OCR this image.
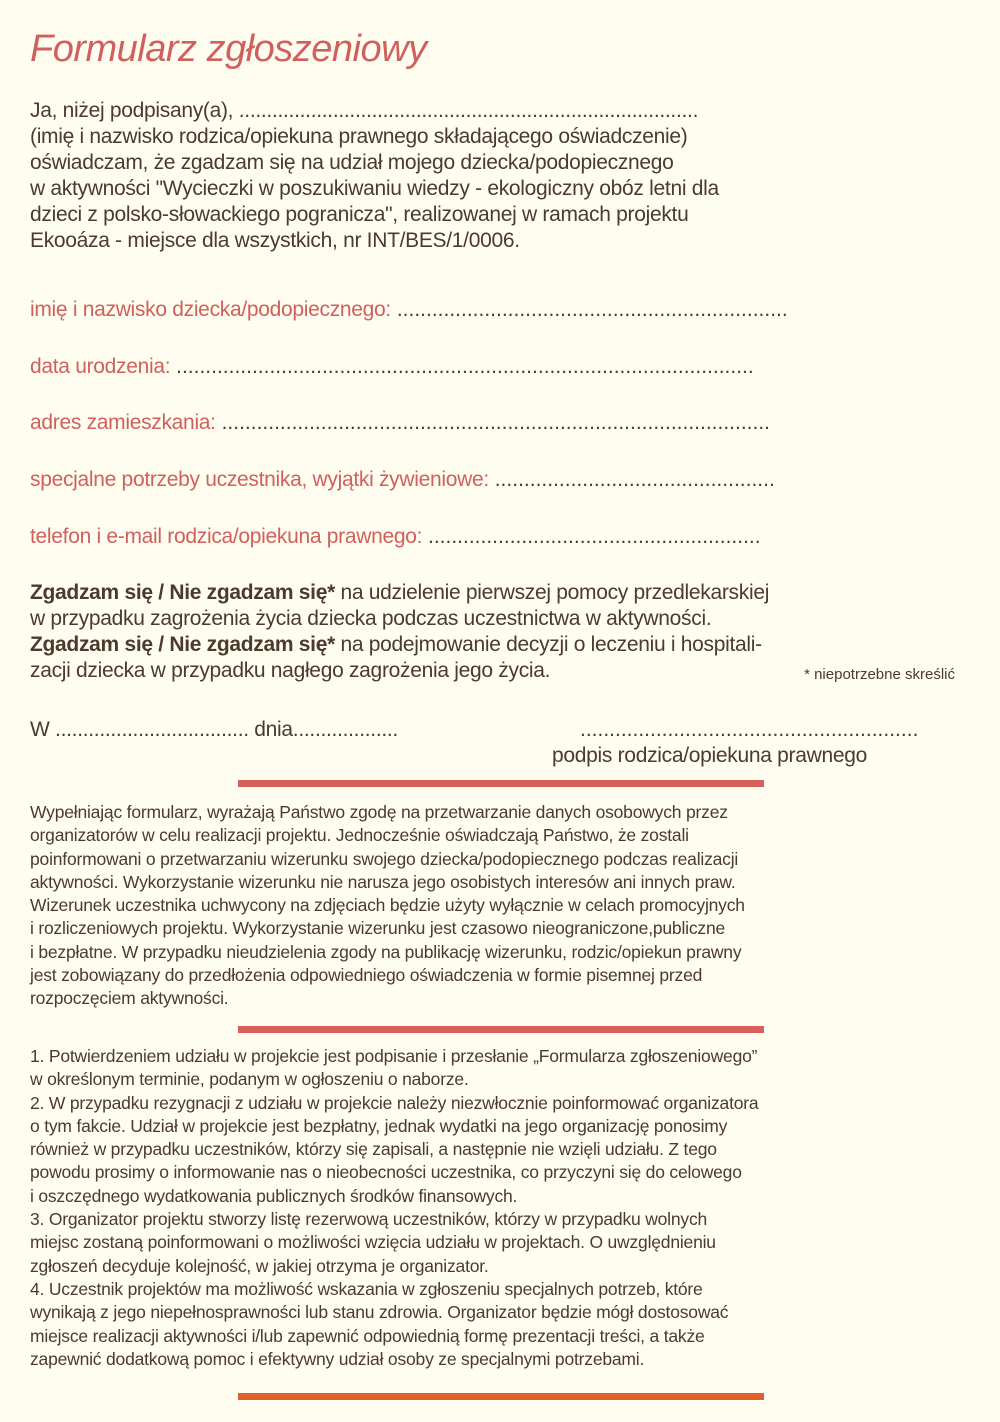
Formularz zgłoszeniowy
Ja, niżej podpisany(a), ...................................................................................
(imię i nazwisko rodzica/opiekuna prawnego składającego oświadczenie)
oświadczam, że zgadzam się na udział mojego dziecka/podopiecznego
w aktywności "Wycieczki w poszukiwaniu wiedzy - ekologiczny obóz letni dla
dzieci z polsko-słowackiego pogranicza", realizowanej w ramach projektu
Ekooáza - miejsce dla wszystkich, nr INT/BES/1/0006.
imię i nazwisko dziecka/podopiecznego: ...................................................................
data urodzenia: ...................................................................................................
adres zamieszkania: ..............................................................................................
specjalne potrzeby uczestnika, wyjątki żywieniowe: ................................................
telefon i e-mail rodzica/opiekuna prawnego: .........................................................
Zgadzam się / Nie zgadzam się* na udzielenie pierwszej pomocy przedlekarskiej
w przypadku zagrożenia życia dziecka podczas uczestnictwa w aktywności.
Zgadzam się / Nie zgadzam się* na podejmowanie decyzji o leczeniu i hospitali-
zacji dziecka w przypadku nagłego zagrożenia jego życia.	* niepotrzebne skreślić
W ................................... dnia...................	..........................................................
podpis rodzica/opiekuna prawnego
Wypełniając formularz, wyrażają Państwo zgodę na przetwarzanie danych osobowych przez
organizatorów w celu realizacji projektu. Jednocześnie oświadczają Państwo, że zostali
poinformowani o przetwarzaniu wizerunku swojego dziecka/podopiecznego podczas realizacji
aktywności. Wykorzystanie wizerunku nie narusza jego osobistych interesów ani innych praw.
Wizerunek uczestnika uchwycony na zdjęciach będzie użyty wyłącznie w celach promocyjnych
i rozliczeniowych projektu. Wykorzystanie wizerunku jest czasowo nieograniczone,publiczne
i bezpłatne. W przypadku nieudzielenia zgody na publikację wizerunku, rodzic/opiekun prawny
jest zobowiązany do przedłożenia odpowiedniego oświadczenia w formie pisemnej przed
rozpoczęciem aktywności.
1. Potwierdzeniem udziału w projekcie jest podpisanie i przesłanie „Formularza zgłoszeniowego”
w określonym terminie, podanym w ogłoszeniu o naborze.
2. W przypadku rezygnacji z udziału w projekcie należy niezwłocznie poinformować organizatora
o tym fakcie. Udział w projekcie jest bezpłatny, jednak wydatki na jego organizację ponosimy
również w przypadku uczestników, którzy się zapisali, a następnie nie wzięli udziału. Z tego
powodu prosimy o informowanie nas o nieobecności uczestnika, co przyczyni się do celowego
i oszczędnego wydatkowania publicznych środków finansowych.
3. Organizator projektu stworzy listę rezerwową uczestników, którzy w przypadku wolnych
miejsc zostaną poinformowani o możliwości wzięcia udziału w projektach. O uwzględnieniu
zgłoszeń decyduje kolejność, w jakiej otrzyma je organizator.
4. Uczestnik projektów ma możliwość wskazania w zgłoszeniu specjalnych potrzeb, które
wynikają z jego niepełnosprawności lub stanu zdrowia. Organizator będzie mógł dostosować
miejsce realizacji aktywności i/lub zapewnić odpowiednią formę prezentacji treści, a także
zapewnić dodatkową pomoc i efektywny udział osoby ze specjalnymi potrzebami.
